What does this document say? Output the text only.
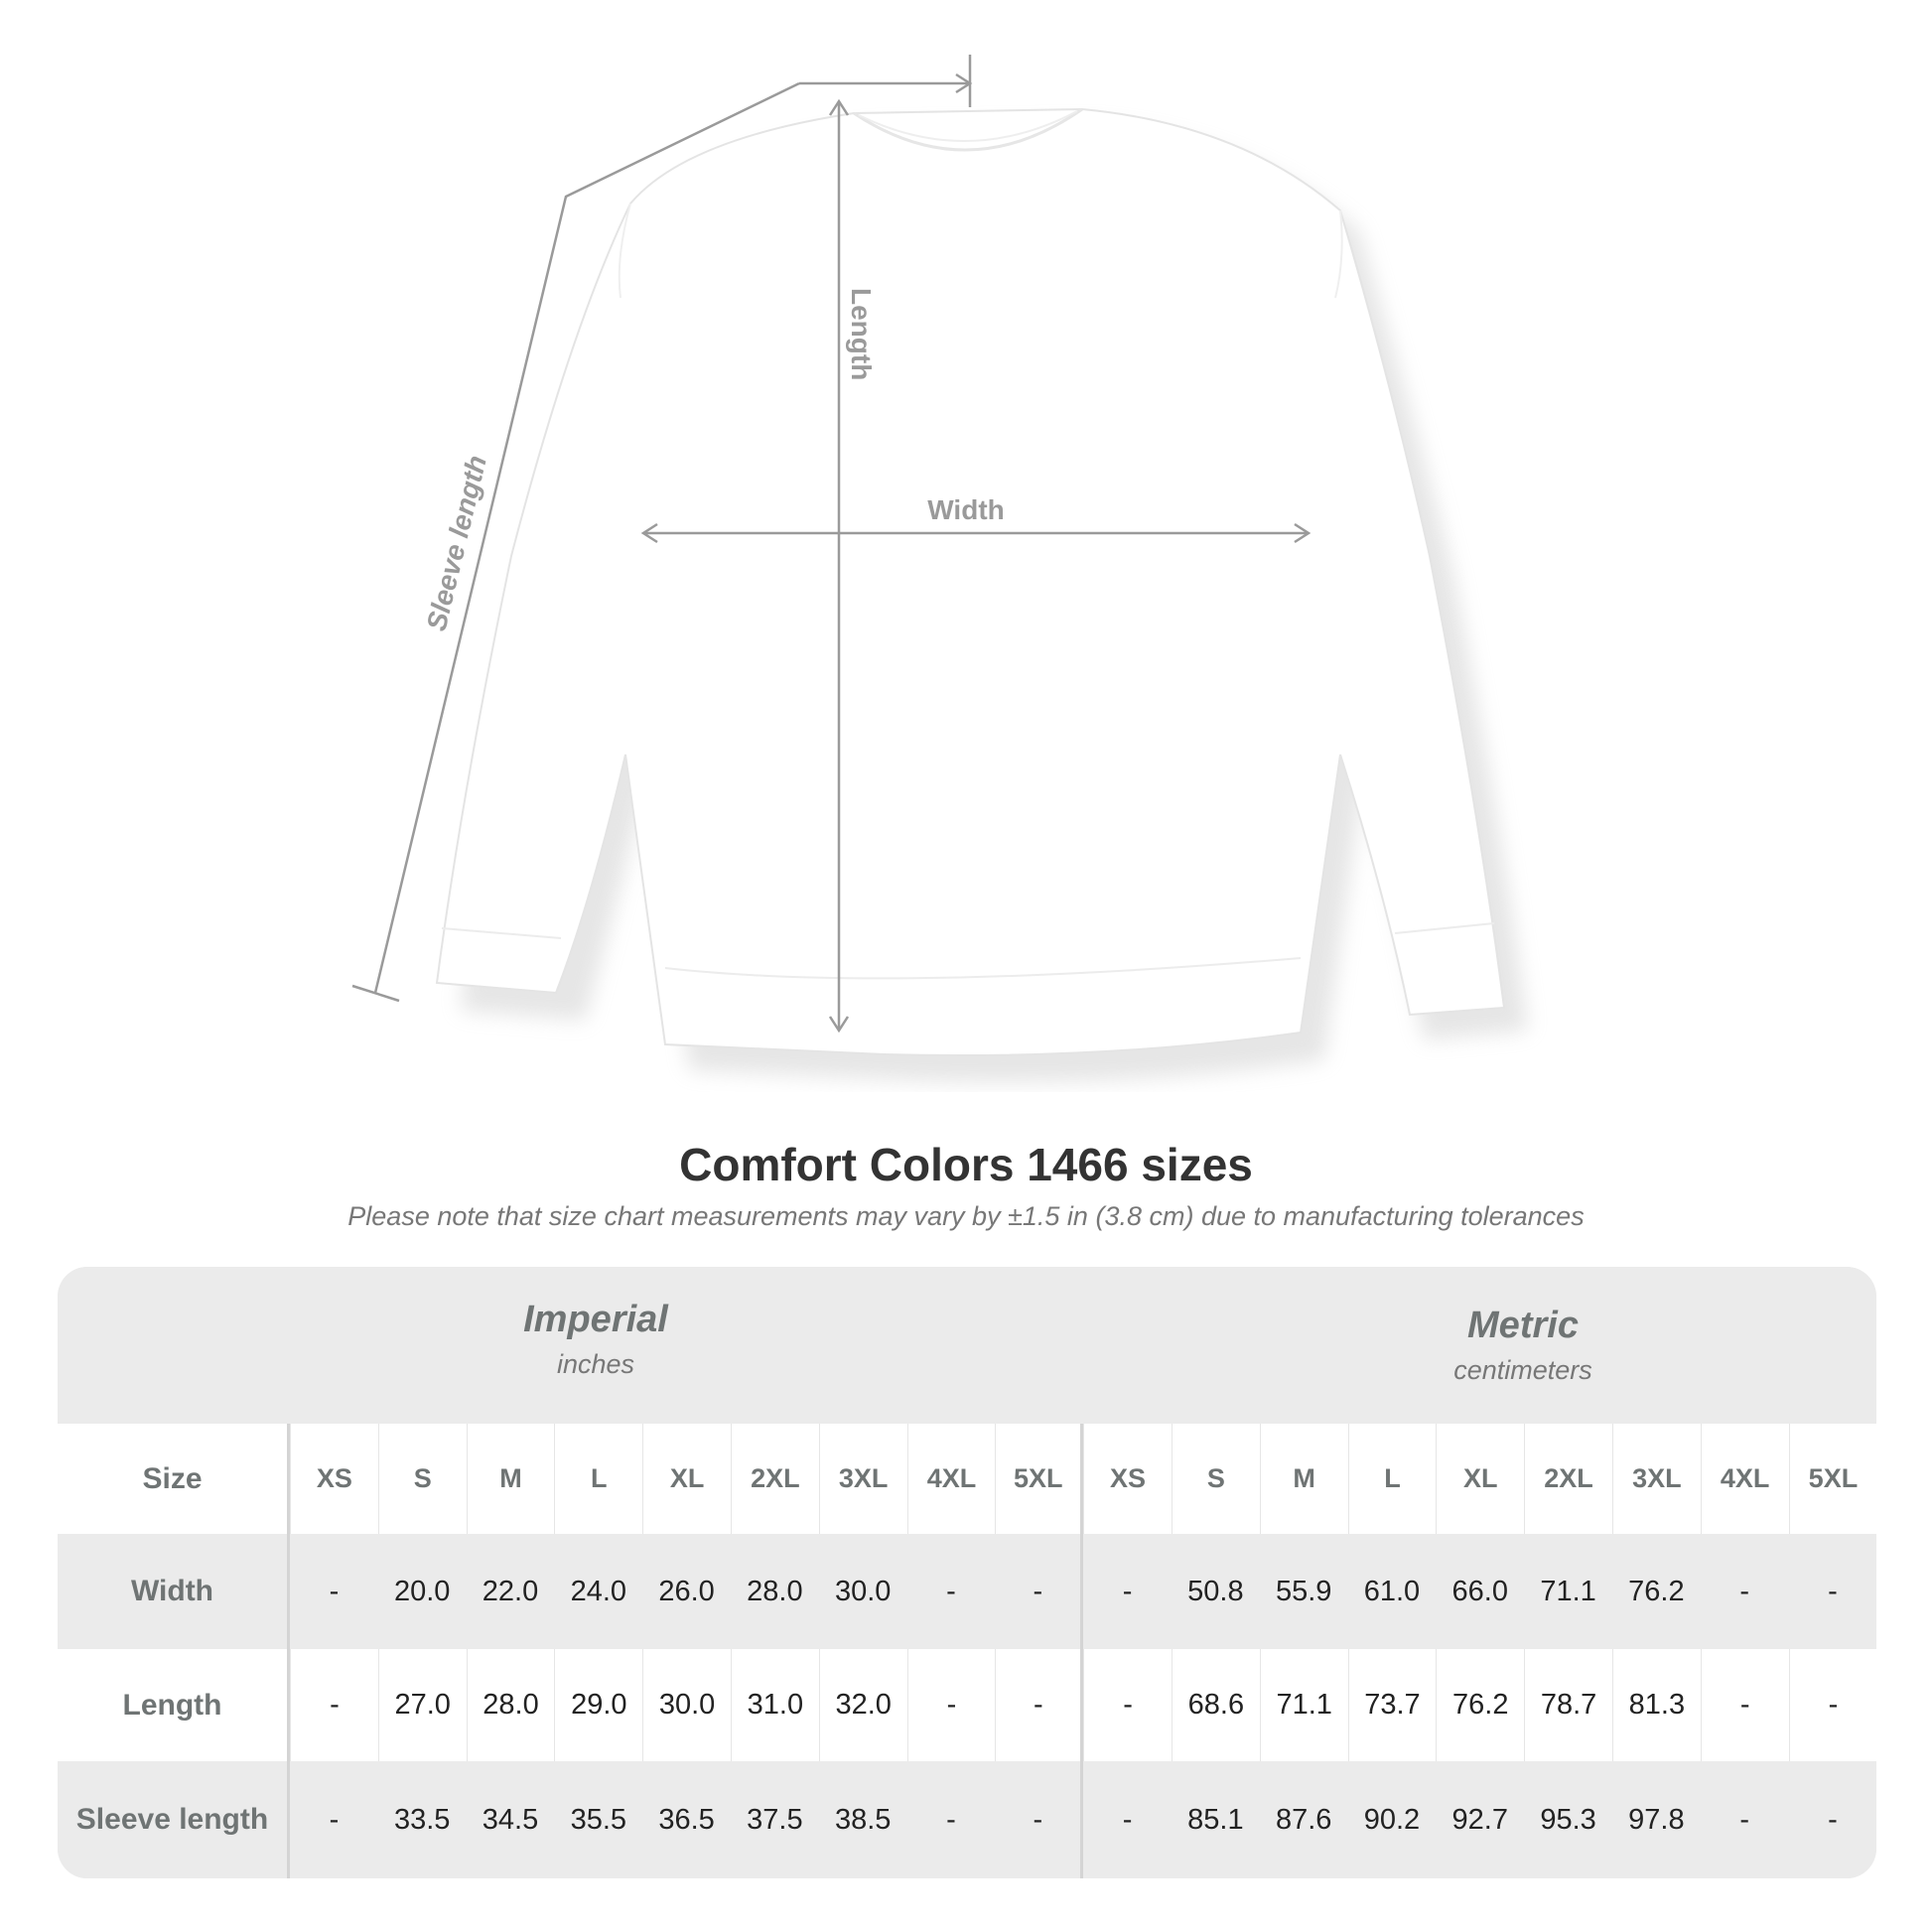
Length
Width
Sleeve length
Comfort Colors 1466 sizes
Please note that size chart measurements may vary by ±1.5 in (3.8 cm) due to manufacturing tolerances
Imperial
inches
Metric
centimeters
Size	XS	S	M	L	XL	2XL	3XL	4XL	5XL	XS	S	M	L	XL	2XL	3XL	4XL	5XL
Width	-	20.0	22.0	24.0	26.0	28.0	30.0	-	-	-	50.8	55.9	61.0	66.0	71.1	76.2	-	-
Length	-	27.0	28.0	29.0	30.0	31.0	32.0	-	-	-	68.6	71.1	73.7	76.2	78.7	81.3	-	-
Sleeve length	-	33.5	34.5	35.5	36.5	37.5	38.5	-	-	-	85.1	87.6	90.2	92.7	95.3	97.8	-	-
